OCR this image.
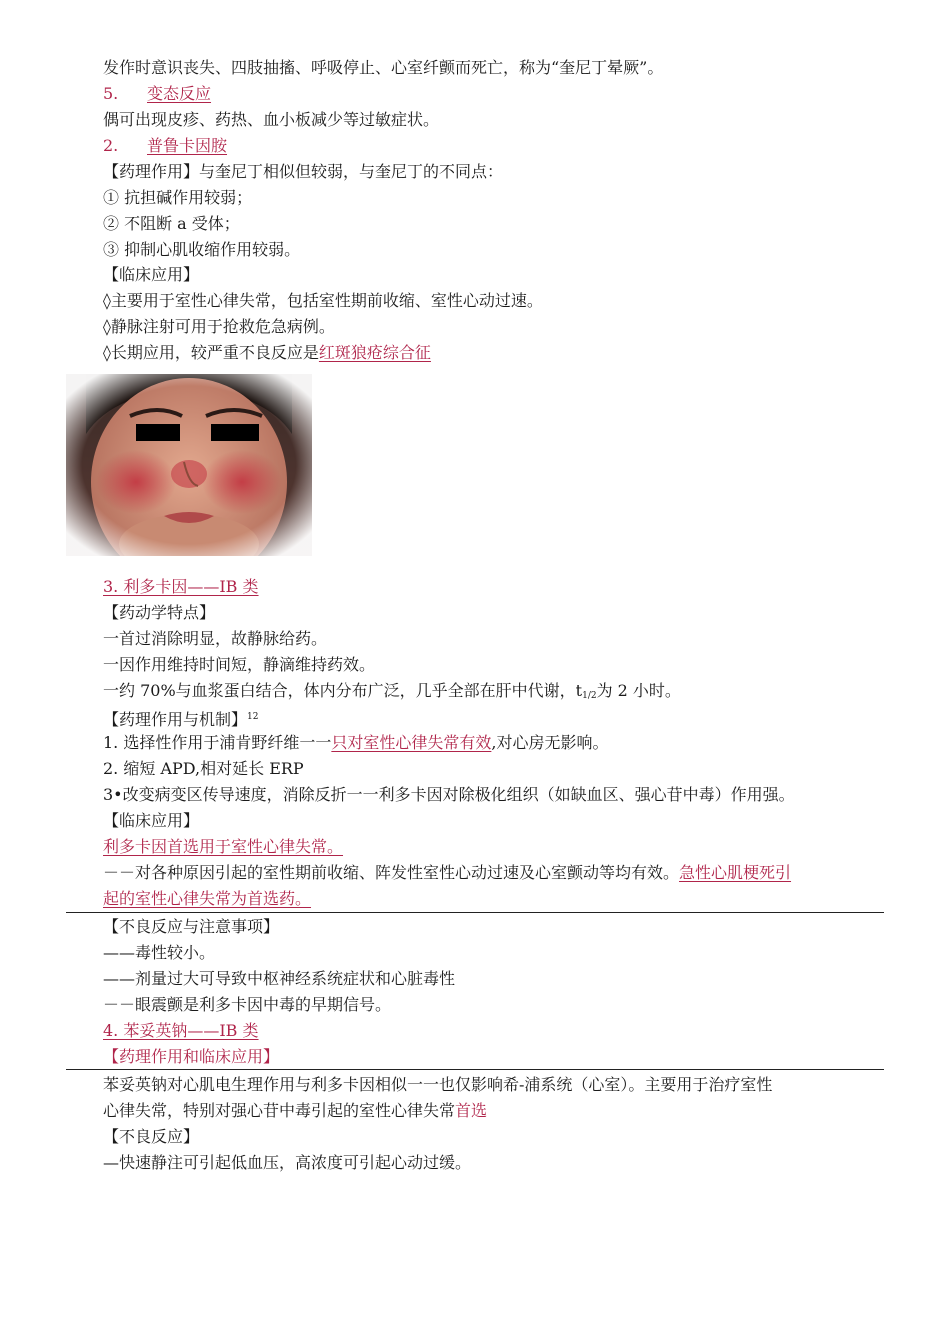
发作时意识丧失、四肢抽搐、呼吸停止、心室纤颤而死亡，称为“奎尼丁晕厥”。
5. 变态反应
偶可出现皮疹、药热、血小板减少等过敏症状。
2. 普鲁卡因胺
【药理作用】与奎尼丁相似但较弱，与奎尼丁的不同点：
① 抗担碱作用较弱；
② 不阻断 a 受体；
③ 抑制心肌收缩作用较弱。
【临床应用】
◊主要用于室性心律失常，包括室性期前收缩、室性心动过速。
◊静脉注射可用于抢救危急病例。
◊长期应用，较严重不良反应是红斑狼疮综合征
3. 利多卡因——IB 类
【药动学特点】
一首过消除明显，故静脉给药。
一因作用维持时间短，静滴维持药效。
一约 70%与血浆蛋白结合，体内分布广泛，几乎全部在肝中代谢，$t_{1/2}$为 2 小时。
【药理作用与机制】$^{12}$
1. 选择性作用于浦肯野纤维一一只对室性心律失常有效,对心房无影响。
2. 缩短 APD,相对延长 ERP
3•改变病变区传导速度，消除反折一一利多卡因对除极化组织（如缺血区、强心苷中毒）作用强。
【临床应用】
利多卡因首选用于室性心律失常。
－－对各种原因引起的室性期前收缩、阵发性室性心动过速及心室颤动等均有效。急性心肌梗死引
起的室性心律失常为首选药。
【不良反应与注意事项】
——毒性较小。
——剂量过大可导致中枢神经系统症状和心脏毒性
－－眼震颤是利多卡因中毒的早期信号。
4. 苯妥英钠——IB 类
【药理作用和临床应用】
苯妥英钠对心肌电生理作用与利多卡因相似一一也仅影响希-浦系统（心室）。主要用于治疗室性
心律失常，特别对强心苷中毒引起的室性心律失常首选
【不良反应】
—快速静注可引起低血压，高浓度可引起心动过缓。
